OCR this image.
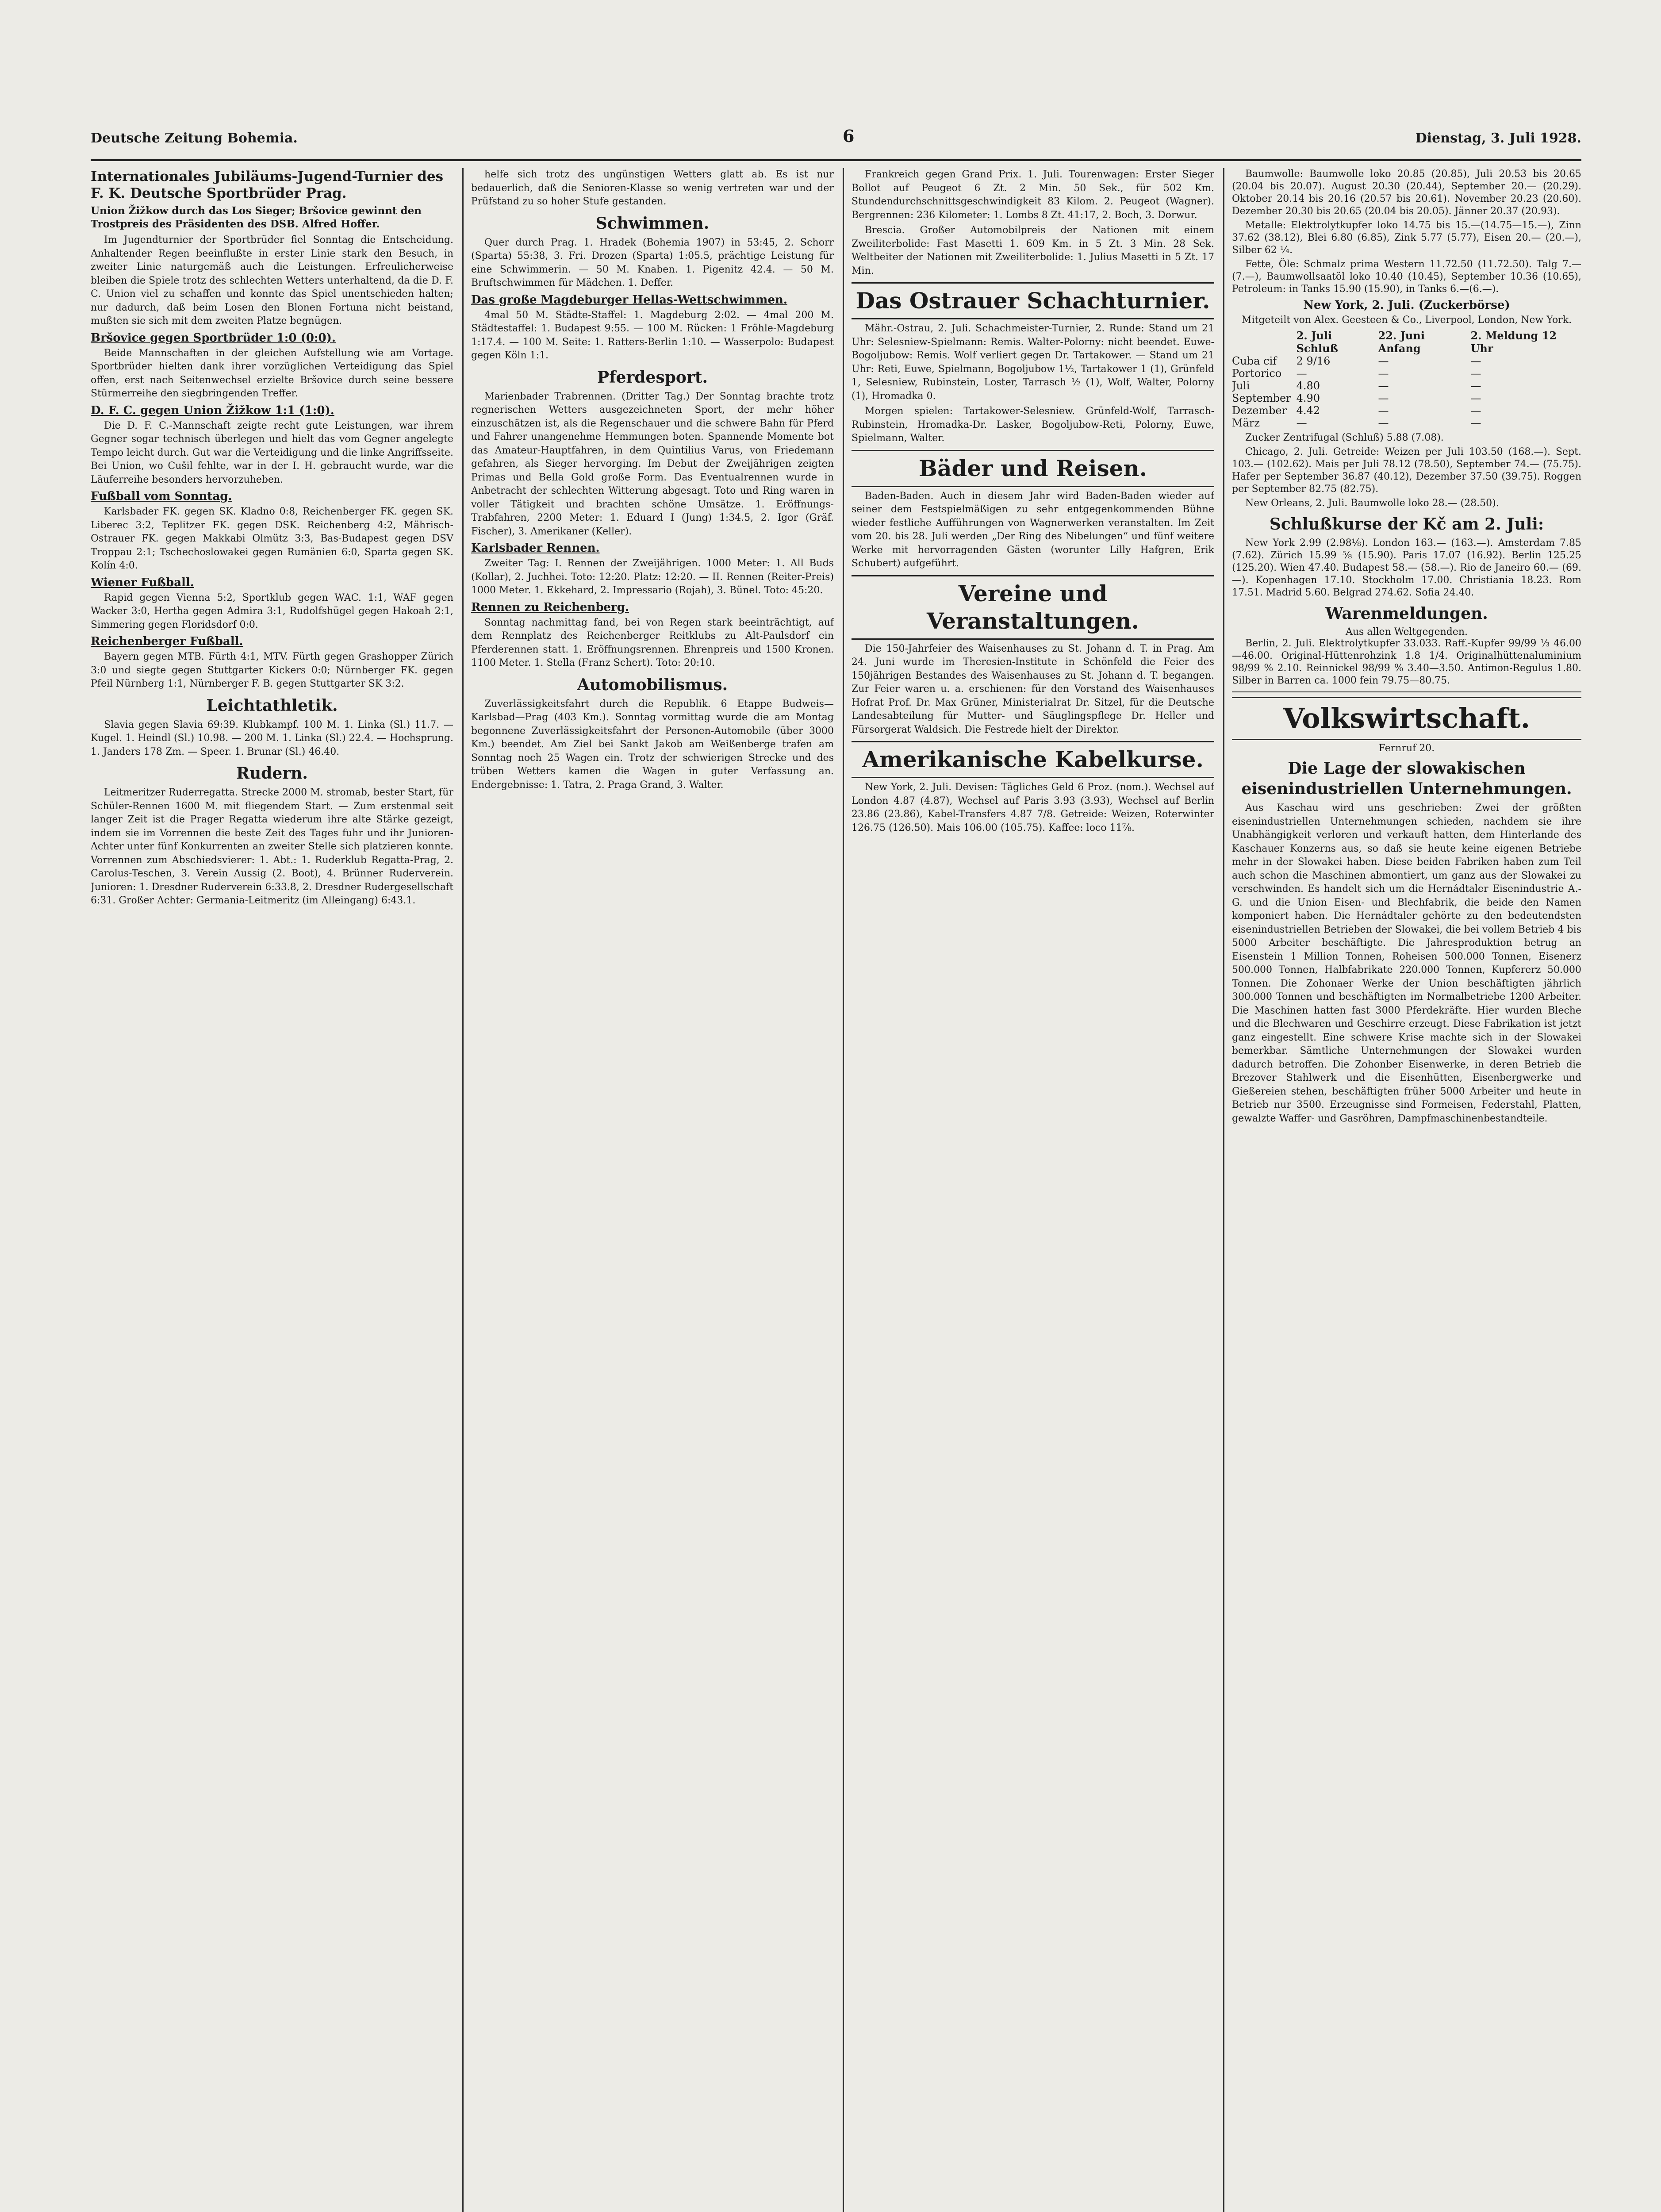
Deutsche Zeitung Bohemia.	6	Dienstag, 3. Juli 1928.
Internationales Jubiläums-Jugend-Turnier des F. K. Deutsche Sportbrüder Prag.
Union Žižkow durch das Los Sieger; Bršovice gewinnt den Trostpreis des Präsidenten des DSB. Alfred Hoffer.

Im Jugendturnier der Sportbrüder fiel Sonntag die Entscheidung. Anhaltender Regen beeinflußte in erster Linie stark den Besuch, in zweiter Linie naturgemäß auch die Leistungen. Erfreulicherweise bleiben die Spiele trotz des schlechten Wetters unterhaltend, da die D. F. C. Union viel zu schaffen und konnte das Spiel unentschieden halten; nur dadurch, daß beim Losen den Blonen Fortuna nicht beistand, mußten sie sich mit dem zweiten Platze begnügen.

Bršovice gegen Sportbrüder 1:0 (0:0).

Beide Mannschaften in der gleichen Aufstellung wie am Vortage. Sportbrüder hielten dank ihrer vorzüglichen Verteidigung das Spiel offen, erst nach Seitenwechsel erzielte Bršovice durch seine bessere Stürmerreihe den siegbringenden Treffer.

D. F. C. gegen Union Žižkow 1:1 (1:0).

Die D. F. C.-Mannschaft zeigte recht gute Leistungen, war ihrem Gegner sogar technisch überlegen und hielt das vom Gegner angelegte Tempo leicht durch. Gut war die Verteidigung und die linke Angriffsseite. Bei Union, wo Cušil fehlte, war in der I. H. gebraucht wurde, war die Läuferreihe besonders hervorzuheben.

Fußball vom Sonntag.

Karlsbader FK. gegen SK. Kladno 0:8, Reichenberger FK. gegen SK. Liberec 3:2, Teplitzer FK. gegen DSK. Reichenberg 4:2, Mährisch-Ostrauer FK. gegen Makkabi Olmütz 3:3, Bas-Budapest gegen DSV Troppau 2:1; Tschechoslowakei gegen Rumänien 6:0, Sparta gegen SK. Kolín 4:0.

Wiener Fußball.

Rapid gegen Vienna 5:2, Sportklub gegen WAC. 1:1, WAF gegen Wacker 3:0, Hertha gegen Admira 3:1, Rudolfshügel gegen Hakoah 2:1, Simmering gegen Floridsdorf 0:0.

Reichenberger Fußball.

Bayern gegen MTB. Fürth 4:1, MTV. Fürth gegen Grashopper Zürich 3:0 und siegte gegen Stuttgarter Kickers 0:0; Nürnberger FK. gegen Pfeil Nürnberg 1:1, Nürnberger F. B. gegen Stuttgarter SK 3:2.

Leichtathletik.

Slavia gegen Slavia 69:39. Klubkampf. 100 M. 1. Linka (Sl.) 11.7. — Kugel. 1. Heindl (Sl.) 10.98. — 200 M. 1. Linka (Sl.) 22.4. — Hochsprung. 1. Janders 178 Zm. — Speer. 1. Brunar (Sl.) 46.40.

Rudern.

Leitmeritzer Ruderregatta. Strecke 2000 M. stromab, bester Start, für Schüler-Rennen 1600 M. mit fliegendem Start. — Zum erstenmal seit langer Zeit ist die Prager Regatta wiederum ihre alte Stärke gezeigt, indem sie im Vorrennen die beste Zeit des Tages fuhr und ihr Junioren-Achter unter fünf Konkurrenten an zweiter Stelle sich platzieren konnte. Vorrennen zum Abschiedsvierer: 1. Abt.: 1. Ruderklub Regatta-Prag, 2. Carolus-Teschen, 3. Verein Aussig (2. Boot), 4. Brünner Ruderverein. Junioren: 1. Dresdner Ruderverein 6:33.8, 2. Dresdner Rudergesellschaft 6:31. Großer Achter: Germania-Leitmeritz (im Alleingang) 6:43.1.

helfe sich trotz des ungünstigen Wetters glatt ab. Es ist nur bedauerlich, daß die Senioren-Klasse so wenig vertreten war und der Prüfstand zu so hoher Stufe gestanden.

Schwimmen.

Quer durch Prag. 1. Hradek (Bohemia 1907) in 53:45, 2. Schorr (Sparta) 55:38, 3. Fri. Drozen (Sparta) 1:05.5, prächtige Leistung für eine Schwimmerin. — 50 M. Knaben. 1. Pigenitz 42.4. — 50 M. Bruftschwimmen für Mädchen. 1. Deffer.

Das große Magdeburger Hellas-Wettschwimmen.

4mal 50 M. Städte-Staffel: 1. Magdeburg 2:02. — 4mal 200 M. Städtestaffel: 1. Budapest 9:55. — 100 M. Rücken: 1 Fröhle-Magdeburg 1:17.4. — 100 M. Seite: 1. Ratters-Berlin 1:10. — Wasserpolo: Budapest gegen Köln 1:1.

Pferdesport.

Marienbader Trabrennen. (Dritter Tag.) Der Sonntag brachte trotz regnerischen Wetters ausgezeichneten Sport, der mehr höher einzuschätzen ist, als die Regenschauer und die schwere Bahn für Pferd und Fahrer unangenehme Hemmungen boten. Spannende Momente bot das Amateur-Hauptfahren, in dem Quintilius Varus, von Friedemann gefahren, als Sieger hervorging. Im Debut der Zweijährigen zeigten Primas und Bella Gold große Form. Das Eventualrennen wurde in Anbetracht der schlechten Witterung abgesagt. Toto und Ring waren in voller Tätigkeit und brachten schöne Umsätze. 1. Eröffnungs-Trabfahren, 2200 Meter: 1. Eduard I (Jung) 1:34.5, 2. Igor (Gräf. Fischer), 3. Amerikaner (Keller).

Karlsbader Rennen.

Zweiter Tag: I. Rennen der Zweijährigen. 1000 Meter: 1. All Buds (Kollar), 2. Juchhei. Toto: 12:20. Platz: 12:20. — II. Rennen (Reiter-Preis) 1000 Meter. 1. Ekkehard, 2. Impressario (Rojah), 3. Bünel. Toto: 45:20.

Rennen zu Reichenberg.

Sonntag nachmittag fand, bei von Regen stark beeinträchtigt, auf dem Rennplatz des Reichenberger Reitklubs zu Alt-Paulsdorf ein Pferderennen statt. 1. Eröffnungsrennen. Ehrenpreis und 1500 Kronen. 1100 Meter. 1. Stella (Franz Schert). Toto: 20:10.

Automobilismus.

Zuverlässigkeitsfahrt durch die Republik. 6 Etappe Budweis—Karlsbad—Prag (403 Km.). Sonntag vormittag wurde die am Montag begonnene Zuverlässigkeitsfahrt der Personen-Automobile (über 3000 Km.) beendet. Am Ziel bei Sankt Jakob am Weißenberge trafen am Sonntag noch 25 Wagen ein. Trotz der schwierigen Strecke und des trüben Wetters kamen die Wagen in guter Verfassung an. Endergebnisse: 1. Tatra, 2. Praga Grand, 3. Walter.

Frankreich gegen Grand Prix. 1. Juli. Tourenwagen: Erster Sieger Bollot auf Peugeot 6 Zt. 2 Min. 50 Sek., für 502 Km. Stundendurchschnittsgeschwindigkeit 83 Kilom. 2. Peugeot (Wagner). Bergrennen: 236 Kilometer: 1. Lombs 8 Zt. 41:17, 2. Boch, 3. Dorwur.

Brescia. Großer Automobilpreis der Nationen mit einem Zweiliterbolide: Fast Masetti 1. 609 Km. in 5 Zt. 3 Min. 28 Sek. Weltbeiter der Nationen mit Zweiliterbolide: 1. Julius Masetti in 5 Zt. 17 Min.

Das Ostrauer Schachturnier.

Mähr.-Ostrau, 2. Juli. Schachmeister-Turnier, 2. Runde: Stand um 21 Uhr: Selesniew-Spielmann: Remis. Walter-Polorny: nicht beendet. Euwe-Bogoljubow: Remis. Wolf verliert gegen Dr. Tartakower. — Stand um 21 Uhr: Reti, Euwe, Spielmann, Bogoljubow 1½, Tartakower 1 (1), Grünfeld 1, Selesniew, Rubinstein, Loster, Tarrasch ½ (1), Wolf, Walter, Polorny (1), Hromadka 0.

Morgen spielen: Tartakower-Selesniew. Grünfeld-Wolf, Tarrasch-Rubinstein, Hromadka-Dr. Lasker, Bogoljubow-Reti, Polorny, Euwe, Spielmann, Walter.

Bäder und Reisen.

Baden-Baden. Auch in diesem Jahr wird Baden-Baden wieder auf seiner dem Festspielmäßigen zu sehr entgegenkommenden Bühne wieder festliche Aufführungen von Wagnerwerken veranstalten. Im Zeit vom 20. bis 28. Juli werden „Der Ring des Nibelungen“ und fünf weitere Werke mit hervorragenden Gästen (worunter Lilly Hafgren, Erik Schubert) aufgeführt.

Vereine und Veranstaltungen.

Die 150-Jahrfeier des Waisenhauses zu St. Johann d. T. in Prag. Am 24. Juni wurde im Theresien-Institute in Schönfeld die Feier des 150jährigen Bestandes des Waisenhauses zu St. Johann d. T. begangen. Zur Feier waren u. a. erschienen: für den Vorstand des Waisenhauses Hofrat Prof. Dr. Max Grüner, Ministerialrat Dr. Sitzel, für die Deutsche Landesabteilung für Mutter- und Säuglingspflege Dr. Heller und Fürsorgerat Waldsich. Die Festrede hielt der Direktor.

Amerikanische Kabelkurse.

New York, 2. Juli. Devisen: Tägliches Geld 6 Proz. (nom.). Wechsel auf London 4.87 (4.87), Wechsel auf Paris 3.93 (3.93), Wechsel auf Berlin 23.86 (23.86), Kabel-Transfers 4.87 7/8. Getreide: Weizen, Roterwinter 126.75 (126.50). Mais 106.00 (105.75). Kaffee: loco 11⅞.

Baumwolle: Baumwolle loko 20.85 (20.85), Juli 20.53 bis 20.65 (20.04 bis 20.07). August 20.30 (20.44), September 20.— (20.29). Oktober 20.14 bis 20.16 (20.57 bis 20.61). November 20.23 (20.60). Dezember 20.30 bis 20.65 (20.04 bis 20.05). Jänner 20.37 (20.93).

Metalle: Elektrolytkupfer loko 14.75 bis 15.—(14.75—15.—), Zinn 37.62 (38.12), Blei 6.80 (6.85), Zink 5.77 (5.77), Eisen 20.— (20.—), Silber 62 ¼.

Fette, Öle: Schmalz prima Western 11.72.50 (11.72.50). Talg 7.— (7.—), Baumwollsaatöl loko 10.40 (10.45), September 10.36 (10.65), Petroleum: in Tanks 15.90 (15.90), in Tanks 6.—(6.—).

New York, 2. Juli. (Zuckerbörse)

Mitgeteilt von Alex. Geesteen & Co., Liverpool, London, New York.

	2. Juli Schluß	22. Juni Anfang	2. Meldung 12 Uhr
Cuba cif	2 9/16	—	—
Portorico	—	—	—
Juli	4.80	—	—
September	4.90	—	—
Dezember	4.42	—	—
März	—	—	—

Zucker Zentrifugal (Schluß) 5.88 (7.08).

Chicago, 2. Juli. Getreide: Weizen per Juli 103.50 (168.—). Sept. 103.— (102.62). Mais per Juli 78.12 (78.50), September 74.— (75.75). Hafer per September 36.87 (40.12), Dezember 37.50 (39.75). Roggen per September 82.75 (82.75).

New Orleans, 2. Juli. Baumwolle loko 28.— (28.50).

Schlußkurse der Kč am 2. Juli:

New York 2.99 (2.98⅛). London 163.— (163.—). Amsterdam 7.85 (7.62). Zürich 15.99 ⅝ (15.90). Paris 17.07 (16.92). Berlin 125.25 (125.20). Wien 47.40. Budapest 58.— (58.—). Rio de Janeiro 60.— (69.—). Kopenhagen 17.10. Stockholm 17.00. Christiania 18.23. Rom 17.51. Madrid 5.60. Belgrad 274.62. Sofia 24.40.

Warenmeldungen.
Aus allen Weltgegenden.

Berlin, 2. Juli. Elektrolytkupfer 33.033. Raff.-Kupfer 99/99 ⅓ 46.00—46.00. Original-Hüttenrohzink 1.8 1/4. Originalhüttenaluminium 98/99 % 2.10. Reinnickel 98/99 % 3.40—3.50. Antimon-Regulus 1.80. Silber in Barren ca. 1000 fein 79.75—80.75.

Volkswirtschaft.
Fernruf 20.
Die Lage der slowakischen eisenindustriellen Unternehmungen.

Aus Kaschau wird uns geschrieben: Zwei der größten eisenindustriellen Unternehmungen schieden, nachdem sie ihre Unabhängigkeit verloren und verkauft hatten, dem Hinterlande des Kaschauer Konzerns aus, so daß sie heute keine eigenen Betriebe mehr in der Slowakei haben. Diese beiden Fabriken haben zum Teil auch schon die Maschinen abmontiert, um ganz aus der Slowakei zu verschwinden. Es handelt sich um die Hernádtaler Eisenindustrie A.-G. und die Union Eisen- und Blechfabrik, die beide den Namen komponiert haben. Die Hernádtaler gehörte zu den bedeutendsten eisenindustriellen Betrieben der Slowakei, die bei vollem Betrieb 4 bis 5000 Arbeiter beschäftigte. Die Jahresproduktion betrug an Eisenstein 1 Million Tonnen, Roheisen 500.000 Tonnen, Eisenerz 500.000 Tonnen, Halbfabrikate 220.000 Tonnen, Kupfererz 50.000 Tonnen. Die Zohonaer Werke der Union beschäftigten jährlich 300.000 Tonnen und beschäftigten im Normalbetriebe 1200 Arbeiter. Die Maschinen hatten fast 3000 Pferdekräfte. Hier wurden Bleche und die Blechwaren und Geschirre erzeugt. Diese Fabrikation ist jetzt ganz eingestellt. Eine schwere Krise machte sich in der Slowakei bemerkbar. Sämtliche Unternehmungen der Slowakei wurden dadurch betroffen. Die Zohonber Eisenwerke, in deren Betrieb die Brezover Stahlwerk und die Eisenhütten, Eisenbergwerke und Gießereien stehen, beschäftigten früher 5000 Arbeiter und heute in Betrieb nur 3500. Erzeugnisse sind Formeisen, Federstahl, Platten, gewalzte Waffer- und Gasröhren, Dampfmaschinenbestandteile.
